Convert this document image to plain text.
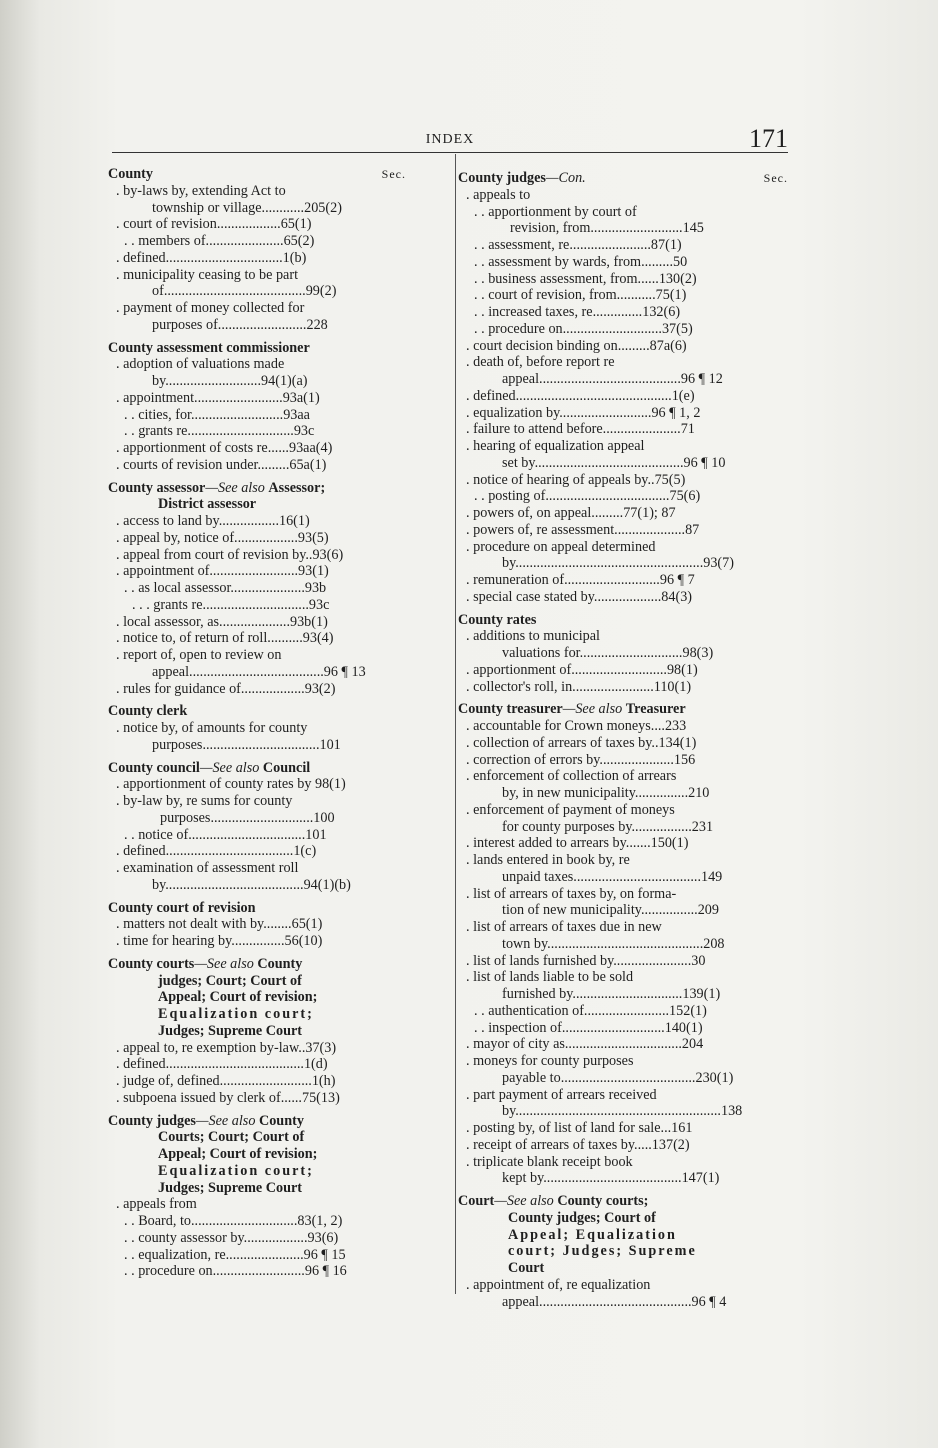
INDEX	171
County	Sec.
. by-laws by, extending Act to
township or village............205(2)
. court of revision..................65(1)
. . members of......................65(2)
. defined.................................1(b)
. municipality ceasing to be part
of........................................99(2)
. payment of money collected for
purposes of.........................228
County assessment commissioner
. adoption of valuations made
by...........................94(1)(a)
. appointment.........................93a(1)
. . cities, for..........................93aa
. . grants re..............................93c
. apportionment of costs re......93aa(4)
. courts of revision under.........65a(1)
County assessor—See also Assessor;
District assessor
. access to land by.................16(1)
. appeal by, notice of..................93(5)
. appeal from court of revision by..93(6)
. appointment of.........................93(1)
. . as local assessor.....................93b
. . . grants re..............................93c
. local assessor, as....................93b(1)
. notice to, of return of roll..........93(4)
. report of, open to review on
appeal......................................96 ¶ 13
. rules for guidance of..................93(2)
County clerk
. notice by, of amounts for county
purposes.................................101
County council—See also Council
. apportionment of county rates by 98(1)
. by-law by, re sums for county
purposes.............................100
. . notice of.................................101
. defined....................................1(c)
. examination of assessment roll
by.......................................94(1)(b)
County court of revision
. matters not dealt with by........65(1)
. time for hearing by...............56(10)
County courts—See also County
judges; Court; Court of
Appeal; Court of revision;
Equalization court;
Judges; Supreme Court
. appeal to, re exemption by-law..37(3)
. defined.......................................1(d)
. judge of, defined..........................1(h)
. subpoena issued by clerk of......75(13)
County judges—See also County
Courts; Court; Court of
Appeal; Court of revision;
Equalization court;
Judges; Supreme Court
. appeals from
. . Board, to..............................83(1, 2)
. . county assessor by..................93(6)
. . equalization, re......................96 ¶ 15
. . procedure on..........................96 ¶ 16
County judges—Con.	Sec.
. appeals to
. . apportionment by court of
revision, from..........................145
. . assessment, re.......................87(1)
. . assessment by wards, from.........50
. . business assessment, from......130(2)
. . court of revision, from...........75(1)
. . increased taxes, re..............132(6)
. . procedure on............................37(5)
. court decision binding on.........87a(6)
. death of, before report re
appeal........................................96 ¶ 12
. defined............................................1(e)
. equalization by..........................96 ¶ 1, 2
. failure to attend before......................71
. hearing of equalization appeal
set by..........................................96 ¶ 10
. notice of hearing of appeals by..75(5)
. . posting of...................................75(6)
. powers of, on appeal.........77(1); 87
. powers of, re assessment....................87
. procedure on appeal determined
by.....................................................93(7)
. remuneration of...........................96 ¶ 7
. special case stated by...................84(3)
County rates
. additions to municipal
valuations for.............................98(3)
. apportionment of...........................98(1)
. collector's roll, in.......................110(1)
County treasurer—See also Treasurer
. accountable for Crown moneys....233
. collection of arrears of taxes by..134(1)
. correction of errors by.....................156
. enforcement of collection of arrears
by, in new municipality...............210
. enforcement of payment of moneys
for county purposes by.................231
. interest added to arrears by.......150(1)
. lands entered in book by, re
unpaid taxes....................................149
. list of arrears of taxes by, on forma-
tion of new municipality................209
. list of arrears of taxes due in new
town by............................................208
. list of lands furnished by......................30
. list of lands liable to be sold
furnished by...............................139(1)
. . authentication of........................152(1)
. . inspection of.............................140(1)
. mayor of city as.................................204
. moneys for county purposes
payable to......................................230(1)
. part payment of arrears received
by..........................................................138
. posting by, of list of land for sale...161
. receipt of arrears of taxes by.....137(2)
. triplicate blank receipt book
kept by.......................................147(1)
Court—See also County courts;
County judges; Court of
Appeal; Equalization
court; Judges; Supreme
Court
. appointment of, re equalization
appeal...........................................96 ¶ 4
